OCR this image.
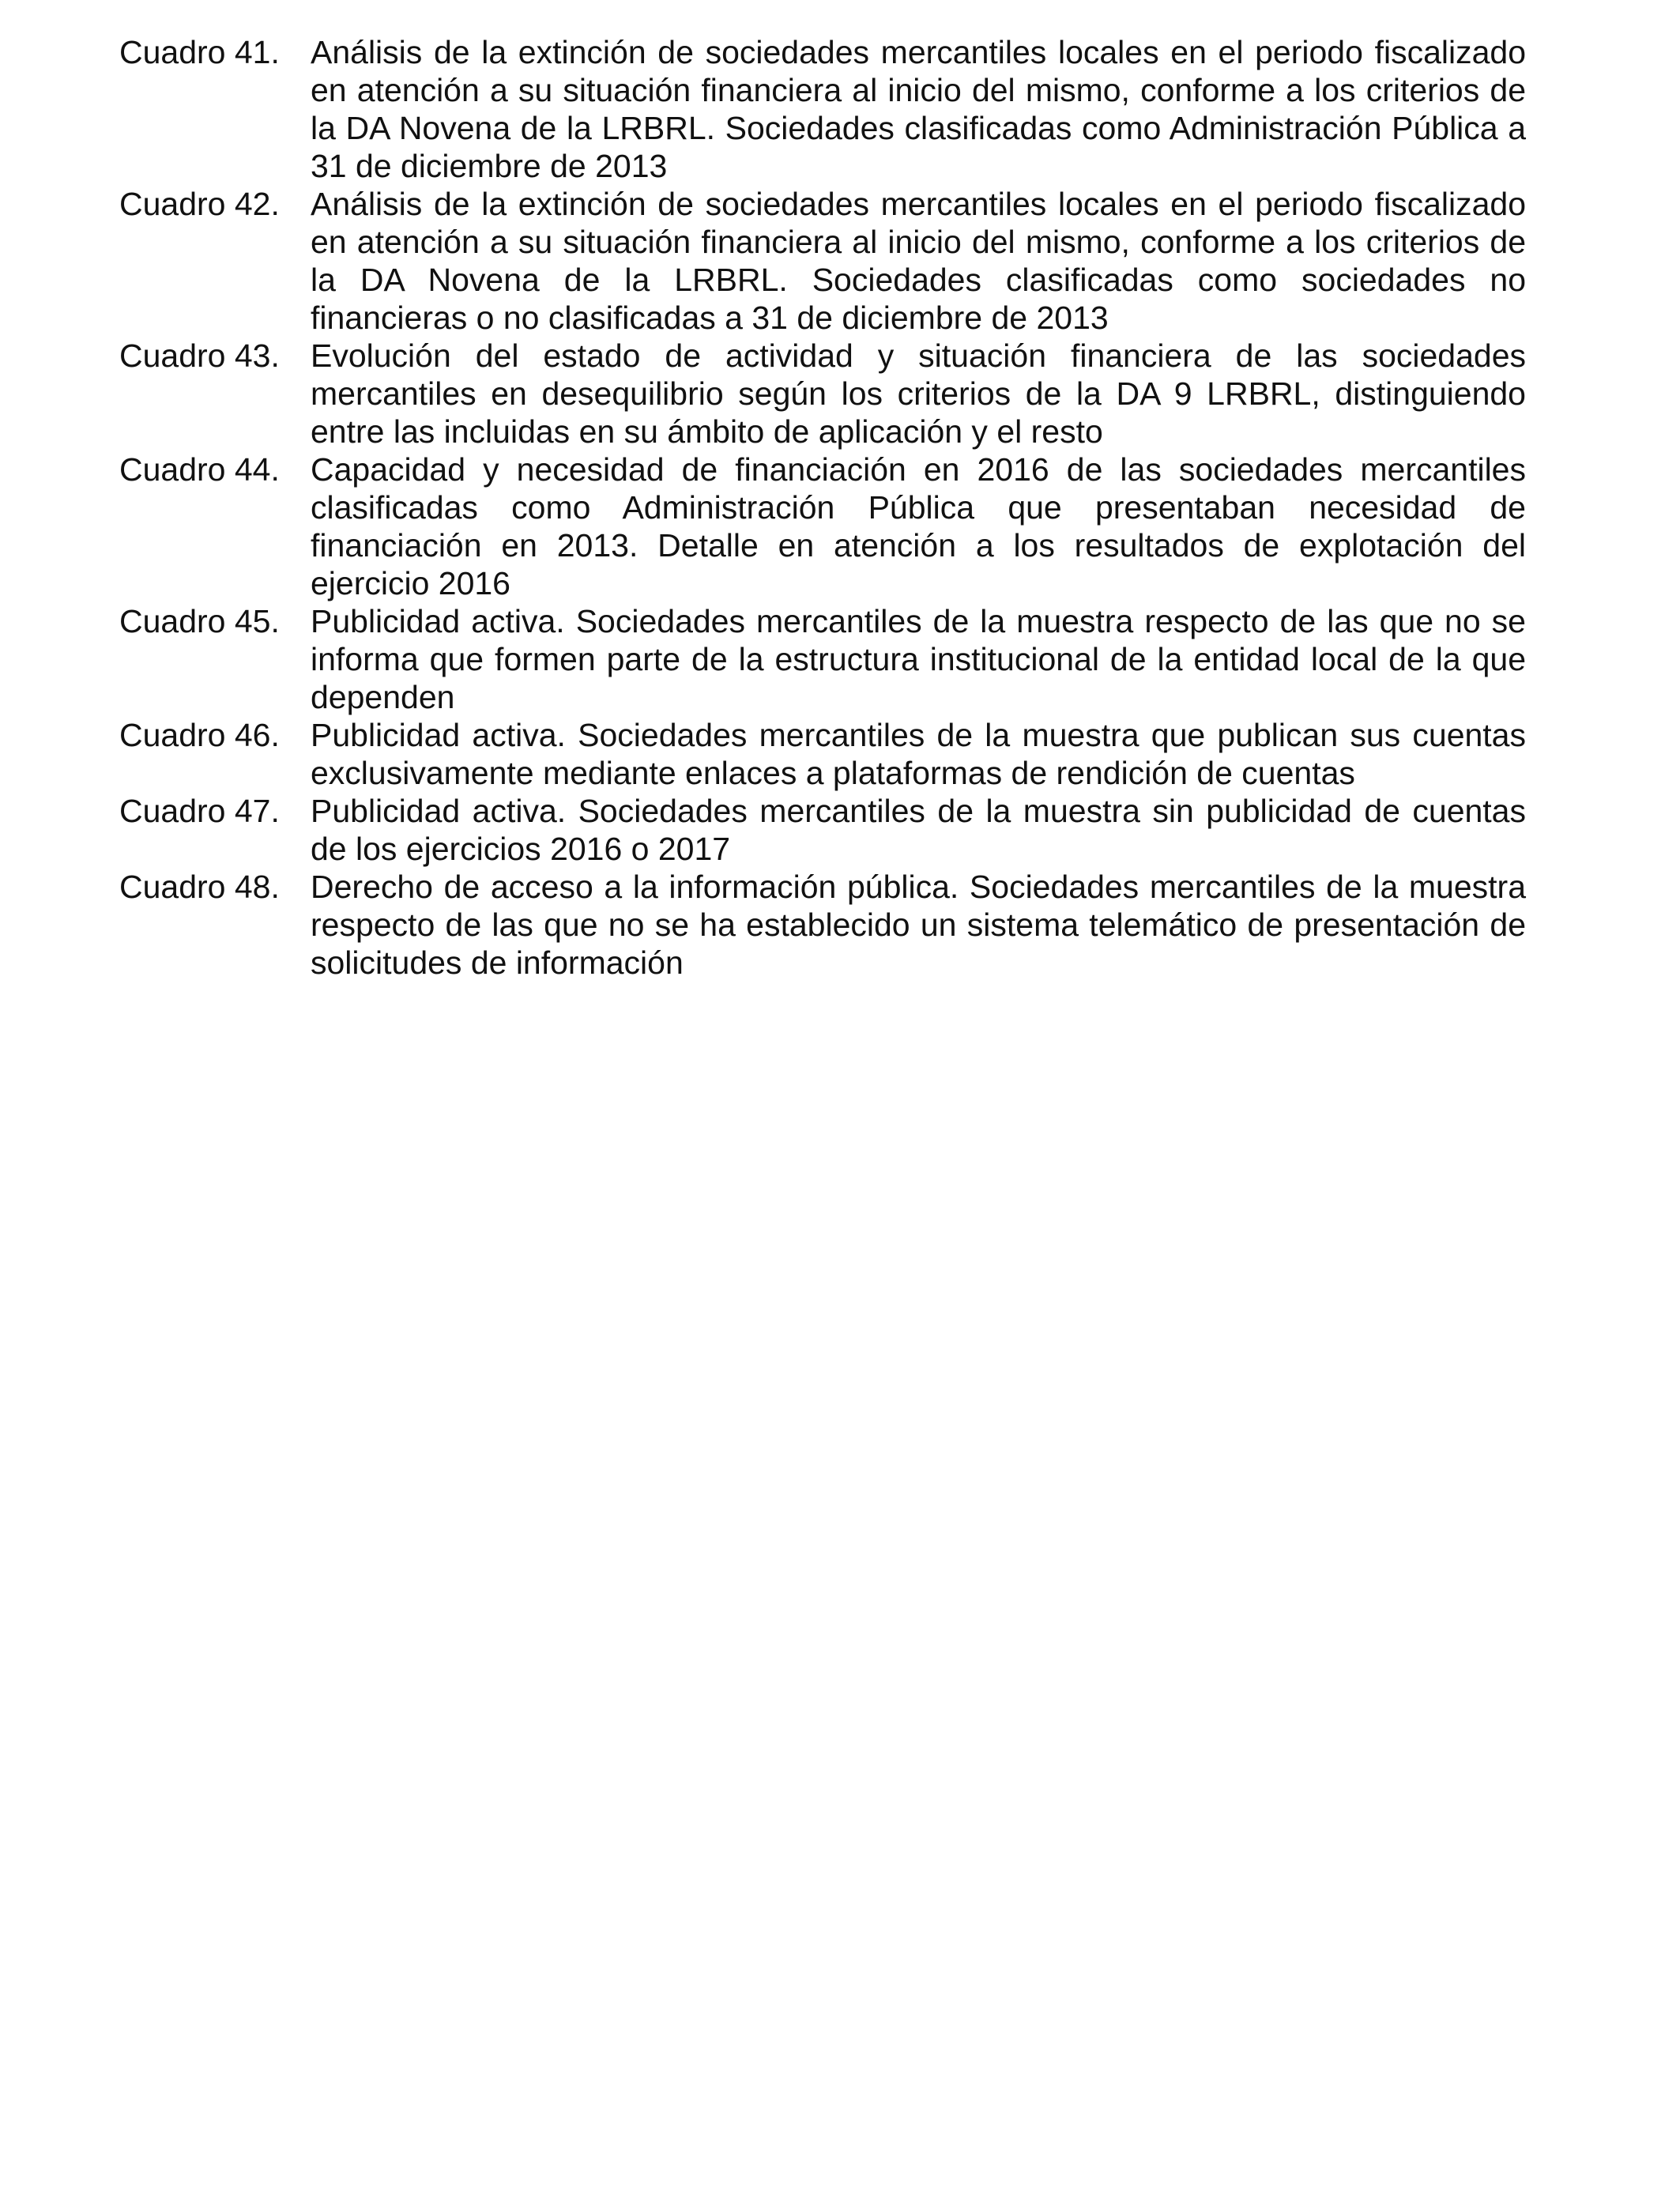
Cuadro 41. Análisis de la extinción de sociedades mercantiles locales en el periodo fiscalizado en atención a su situación financiera al inicio del mismo, conforme a los criterios de la DA Novena de la LRBRL. Sociedades clasificadas como Administración Pública a 31 de diciembre de 2013
Cuadro 42. Análisis de la extinción de sociedades mercantiles locales en el periodo fiscalizado en atención a su situación financiera al inicio del mismo, conforme a los criterios de la DA Novena de la LRBRL. Sociedades clasificadas como sociedades no financieras o no clasificadas a 31 de diciembre de 2013
Cuadro 43. Evolución del estado de actividad y situación financiera de las sociedades mercantiles en desequilibrio según los criterios de la DA 9 LRBRL, distinguiendo entre las incluidas en su ámbito de aplicación y el resto
Cuadro 44. Capacidad y necesidad de financiación en 2016 de las sociedades mercantiles clasificadas como Administración Pública que presentaban necesidad de financiación en 2013. Detalle en atención a los resultados de explotación del ejercicio 2016
Cuadro 45. Publicidad activa. Sociedades mercantiles de la muestra respecto de las que no se informa que formen parte de la estructura institucional de la entidad local de la que dependen
Cuadro 46. Publicidad activa. Sociedades mercantiles de la muestra que publican sus cuentas exclusivamente mediante enlaces a plataformas de rendición de cuentas
Cuadro 47. Publicidad activa. Sociedades mercantiles de la muestra sin publicidad de cuentas de los ejercicios 2016 o 2017
Cuadro 48. Derecho de acceso a la información pública. Sociedades mercantiles de la muestra respecto de las que no se ha establecido un sistema telemático de presentación de solicitudes de información
